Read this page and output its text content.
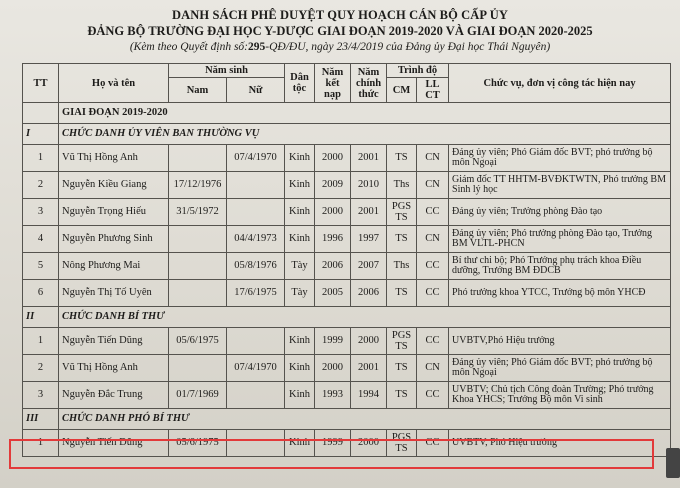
DANH SÁCH PHÊ DUYỆT QUY HOẠCH CÁN BỘ CẤP ỦY
ĐẢNG BỘ TRƯỜNG ĐẠI HỌC Y-DƯỢC GIAI ĐOẠN 2019-2020 VÀ GIAI ĐOẠN 2020-2025
(Kèm theo Quyết định số:295-QĐ/ĐU, ngày 23/4/2019 của Đảng ủy Đại học Thái Nguyên)
TT	Họ và tên	Năm sinh		Dân tộc	Năm kết nạp	Năm chính thức	Trình độ		Chức vụ, đơn vị công tác hiện nay
		Nam	Nữ				CM	LL CT	
	GIAI ĐOẠN 2019-2020								
I	CHỨC DANH ỦY VIÊN BAN THƯỜNG VỤ								
1	Vũ Thị Hồng Anh		07/4/1970	Kinh	2000	2001	TS	CN	Đảng ủy viên; Phó Giám đốc BVT; phó trưởng bộ môn Ngoại
2	Nguyễn Kiều Giang	17/12/1976		Kinh	2009	2010	Ths	CN	Giám đốc TT HHTM-BVĐKTWTN, Phó trưởng BM Sinh lý học
3	Nguyễn Trọng Hiếu	31/5/1972		Kinh	2000	2001	PGS TS	CC	Đảng ủy viên; Trưởng phòng Đào tạo
4	Nguyễn Phương Sinh		04/4/1973	Kinh	1996	1997	TS	CN	Đảng ủy viên; Phó trưởng phòng Đào tạo, Trưởng BM VLTL-PHCN
5	Nông Phương Mai		05/8/1976	Tày	2006	2007	Ths	CC	Bí thư chi bộ; Phó Trưởng phụ trách khoa Điều dưỡng, Trưởng BM ĐDCB
6	Nguyễn Thị Tố Uyên		17/6/1975	Tày	2005	2006	TS	CC	Phó trưởng khoa YTCC, Trưởng bộ môn YHCĐ
II	CHỨC DANH BÍ THƯ								
1	Nguyễn Tiến Dũng	05/6/1975		Kinh	1999	2000	PGS TS	CC	UVBTV,Phó Hiệu trưởng
2	Vũ Thị Hồng Anh		07/4/1970	Kinh	2000	2001	TS	CN	Đảng ủy viên; Phó Giám đốc BVT; phó trưởng bộ môn Ngoại
3	Nguyễn Đắc Trung	01/7/1969		Kinh	1993	1994	TS	CC	UVBTV; Chủ tịch Công đoàn Trường; Phó trưởng Khoa YHCS; Trưởng Bộ môn Vi sinh
III	CHỨC DANH PHÓ BÍ THƯ								
1	Nguyễn Tiến Dũng	05/6/1975		Kinh	1999	2000	PGS TS	CC	UVBTV, Phó Hiệu trưởng
